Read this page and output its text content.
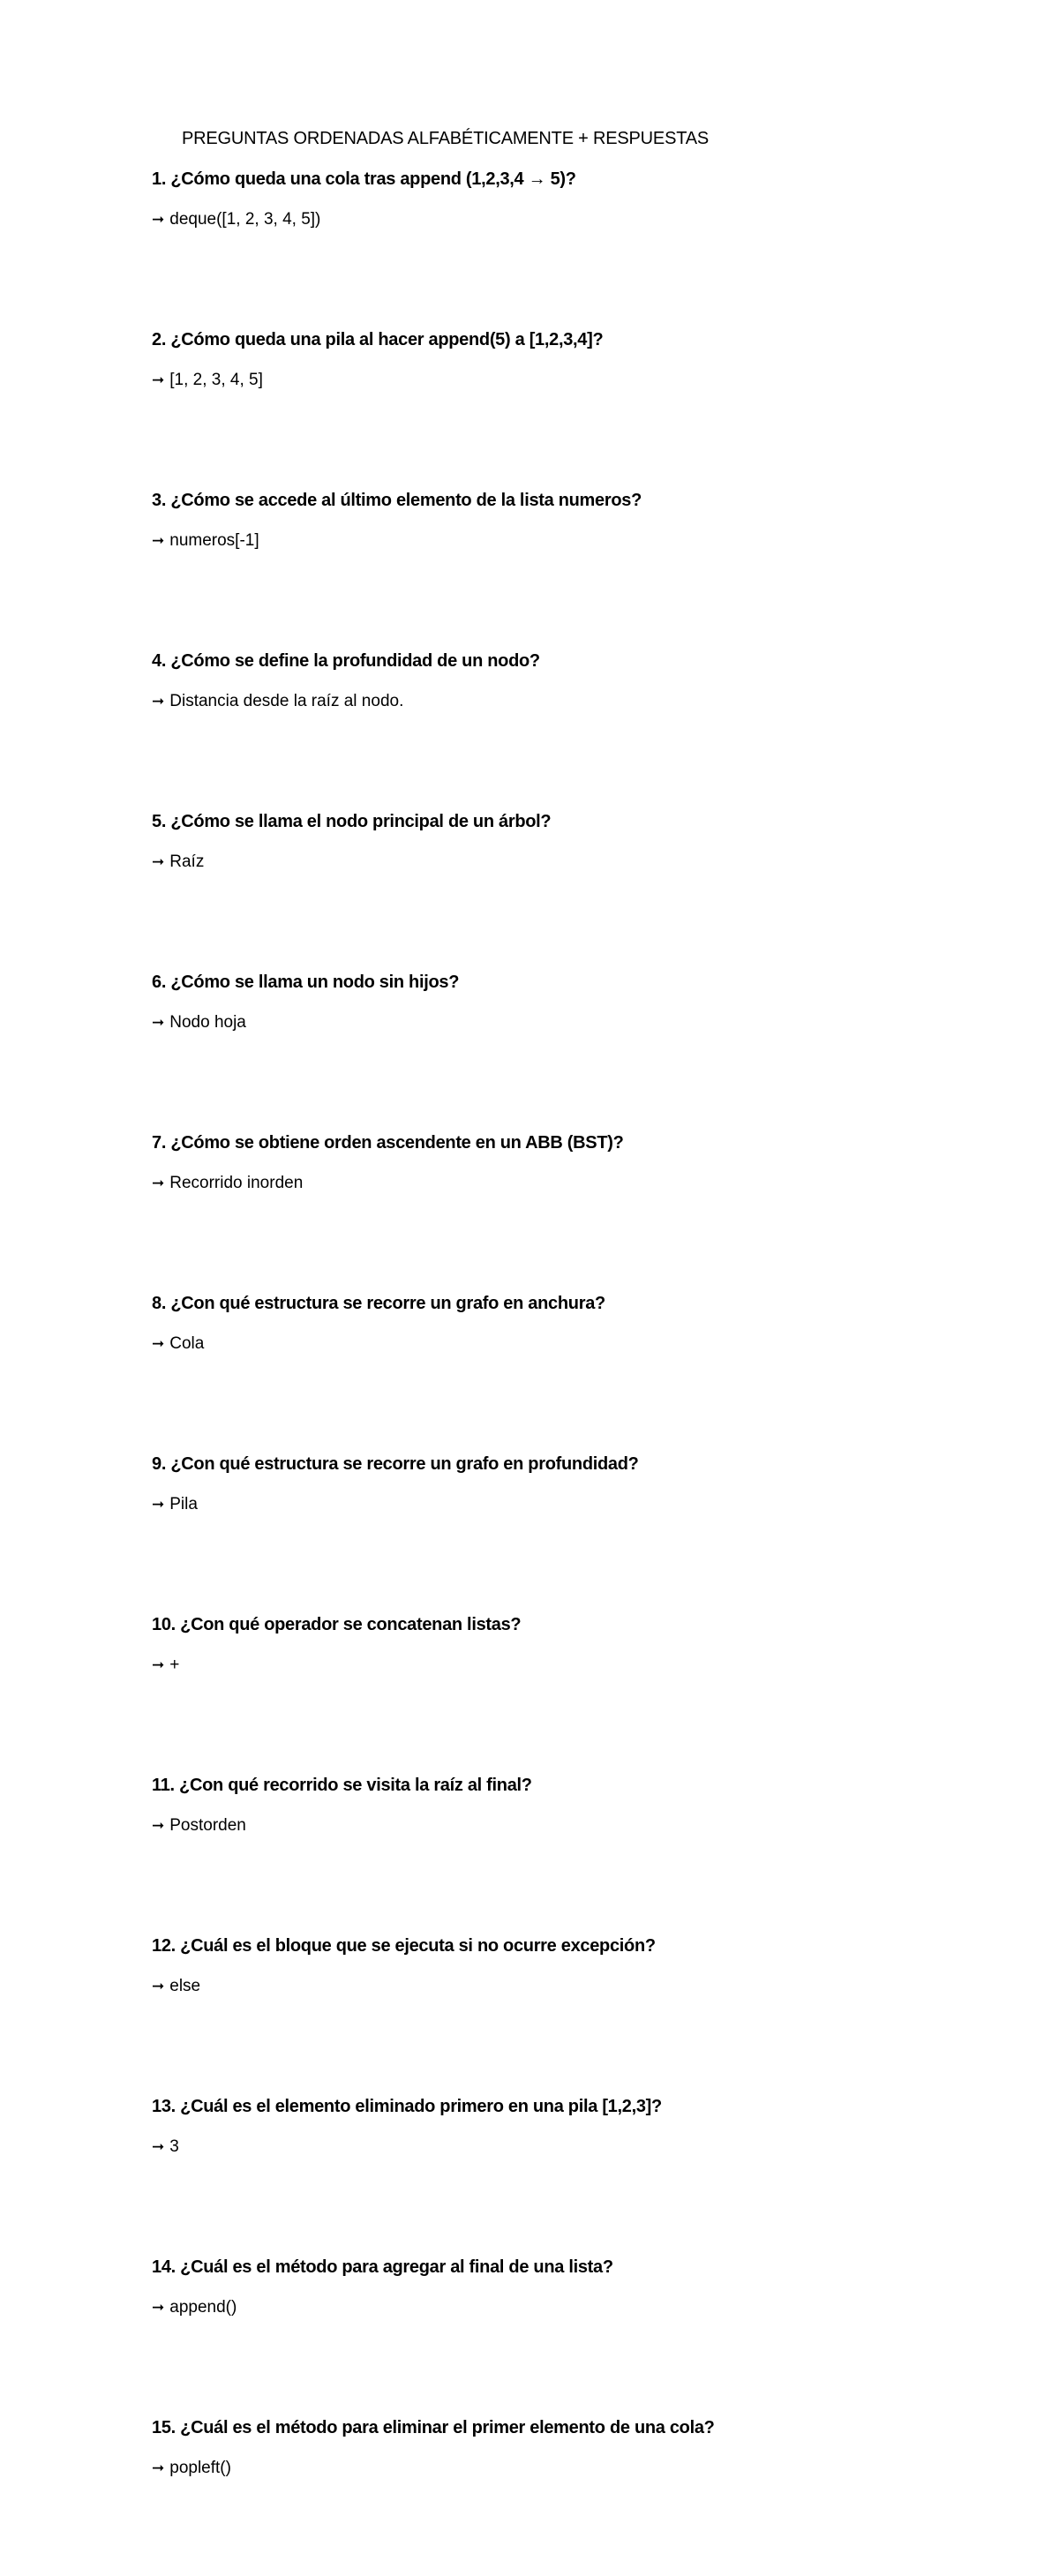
PREGUNTAS ORDENADAS ALFABÉTICAMENTE + RESPUESTAS
1. ¿Cómo queda una cola tras append (1,2,3,4 → 5)?
➞ deque([1, 2, 3, 4, 5])
2. ¿Cómo queda una pila al hacer append(5) a [1,2,3,4]?
➞ [1, 2, 3, 4, 5]
3. ¿Cómo se accede al último elemento de la lista numeros?
➞ numeros[-1]
4. ¿Cómo se define la profundidad de un nodo?
➞ Distancia desde la raíz al nodo.
5. ¿Cómo se llama el nodo principal de un árbol?
➞ Raíz
6. ¿Cómo se llama un nodo sin hijos?
➞ Nodo hoja
7. ¿Cómo se obtiene orden ascendente en un ABB (BST)?
➞ Recorrido inorden
8. ¿Con qué estructura se recorre un grafo en anchura?
➞ Cola
9. ¿Con qué estructura se recorre un grafo en profundidad?
➞ Pila
10. ¿Con qué operador se concatenan listas?
➞ +
11. ¿Con qué recorrido se visita la raíz al final?
➞ Postorden
12. ¿Cuál es el bloque que se ejecuta si no ocurre excepción?
➞ else
13. ¿Cuál es el elemento eliminado primero en una pila [1,2,3]?
➞ 3
14. ¿Cuál es el método para agregar al final de una lista?
➞ append()
15. ¿Cuál es el método para eliminar el primer elemento de una cola?
➞ popleft()
